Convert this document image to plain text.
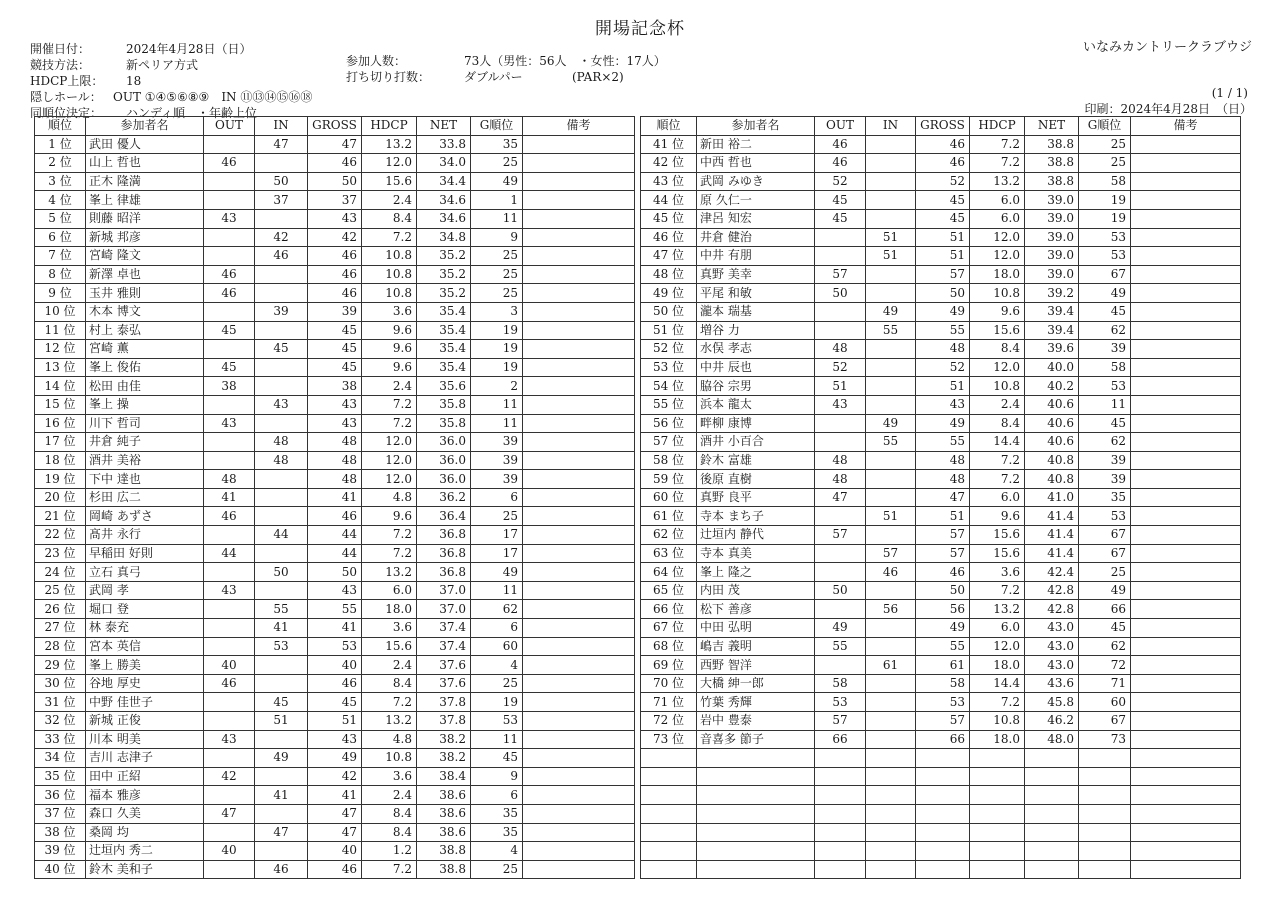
開場記念杯
いなみカントリークラブウジ
開催日付：	2024年4月28日（日）
競技方法：	新ペリア方式
HDCP上限： 18
隠しホール： OUT ①④⑤⑥⑧⑨　IN ⑪⑬⑭⑮⑯⑱
同順位決定： ハンディ順　・年齢上位
参加人数：	73人（男性：56人　・女性：17人）
打ち切り打数：	ダブルパー	(PAR×2)
(1 / 1)
印刷：2024年4月28日　（日）
順位	参加者名	OUT	IN	GROSS	HDCP	NET	G順位	備考
1 位	武田 優人		47	47	13.2	33.8	35	
2 位	山上 哲也	46		46	12.0	34.0	25	
3 位	正木 隆満		50	50	15.6	34.4	49	
4 位	峯上 律雄		37	37	2.4	34.6	1	
5 位	則藤 昭洋	43		43	8.4	34.6	11	
6 位	新城 邦彦		42	42	7.2	34.8	9	
7 位	宮崎 隆文		46	46	10.8	35.2	25	
8 位	新澤 卓也	46		46	10.8	35.2	25	
9 位	玉井 雅則	46		46	10.8	35.2	25	
10 位	木本 博文		39	39	3.6	35.4	3	
11 位	村上 泰弘	45		45	9.6	35.4	19	
12 位	宮崎 薫		45	45	9.6	35.4	19	
13 位	峯上 俊佑	45		45	9.6	35.4	19	
14 位	松田 由佳	38		38	2.4	35.6	2	
15 位	峯上 操		43	43	7.2	35.8	11	
16 位	川下 哲司	43		43	7.2	35.8	11	
17 位	井倉 純子		48	48	12.0	36.0	39	
18 位	酒井 美裕		48	48	12.0	36.0	39	
19 位	下中 達也	48		48	12.0	36.0	39	
20 位	杉田 広二	41		41	4.8	36.2	6	
21 位	岡崎 あずさ	46		46	9.6	36.4	25	
22 位	髙井 永行		44	44	7.2	36.8	17	
23 位	早稲田 好則	44		44	7.2	36.8	17	
24 位	立石 真弓		50	50	13.2	36.8	49	
25 位	武岡 孝	43		43	6.0	37.0	11	
26 位	堀口 登		55	55	18.0	37.0	62	
27 位	林 泰充		41	41	3.6	37.4	6	
28 位	宮本 英信		53	53	15.6	37.4	60	
29 位	峯上 勝美	40		40	2.4	37.6	4	
30 位	谷地 厚史	46		46	8.4	37.6	25	
31 位	中野 佳世子		45	45	7.2	37.8	19	
32 位	新城 正俊		51	51	13.2	37.8	53	
33 位	川本 明美	43		43	4.8	38.2	11	
34 位	吉川 志津子		49	49	10.8	38.2	45	
35 位	田中 正紹	42		42	3.6	38.4	9	
36 位	福本 雅彦		41	41	2.4	38.6	6	
37 位	森口 久美	47		47	8.4	38.6	35	
38 位	桑岡 均		47	47	8.4	38.6	35	
39 位	辻垣内 秀二	40		40	1.2	38.8	4	
40 位	鈴木 美和子		46	46	7.2	38.8	25	
順位	参加者名	OUT	IN	GROSS	HDCP	NET	G順位	備考
41 位	新田 裕二	46		46	7.2	38.8	25	
42 位	中西 哲也	46		46	7.2	38.8	25	
43 位	武岡 みゆき	52		52	13.2	38.8	58	
44 位	原 久仁一	45		45	6.0	39.0	19	
45 位	津呂 知宏	45		45	6.0	39.0	19	
46 位	井倉 健治		51	51	12.0	39.0	53	
47 位	中井 有朋		51	51	12.0	39.0	53	
48 位	真野 美幸	57		57	18.0	39.0	67	
49 位	平尾 和敏	50		50	10.8	39.2	49	
50 位	瀧本 瑞基		49	49	9.6	39.4	45	
51 位	増谷 力		55	55	15.6	39.4	62	
52 位	水俣 孝志	48		48	8.4	39.6	39	
53 位	中井 辰也	52		52	12.0	40.0	58	
54 位	脇谷 宗男	51		51	10.8	40.2	53	
55 位	浜本 龍太	43		43	2.4	40.6	11	
56 位	畔柳 康博		49	49	8.4	40.6	45	
57 位	酒井 小百合		55	55	14.4	40.6	62	
58 位	鈴木 富雄	48		48	7.2	40.8	39	
59 位	後原 直樹	48		48	7.2	40.8	39	
60 位	真野 良平	47		47	6.0	41.0	35	
61 位	寺本 まち子		51	51	9.6	41.4	53	
62 位	辻垣内 静代	57		57	15.6	41.4	67	
63 位	寺本 真美		57	57	15.6	41.4	67	
64 位	峯上 隆之		46	46	3.6	42.4	25	
65 位	内田 茂	50		50	7.2	42.8	49	
66 位	松下 善彦		56	56	13.2	42.8	66	
67 位	中田 弘明	49		49	6.0	43.0	45	
68 位	嶋吉 義明	55		55	12.0	43.0	62	
69 位	西野 智洋		61	61	18.0	43.0	72	
70 位	大橋 紳一郎	58		58	14.4	43.6	71	
71 位	竹葉 秀輝	53		53	7.2	45.8	60	
72 位	岩中 豊泰	57		57	10.8	46.2	67	
73 位	音喜多 節子	66		66	18.0	48.0	73	
